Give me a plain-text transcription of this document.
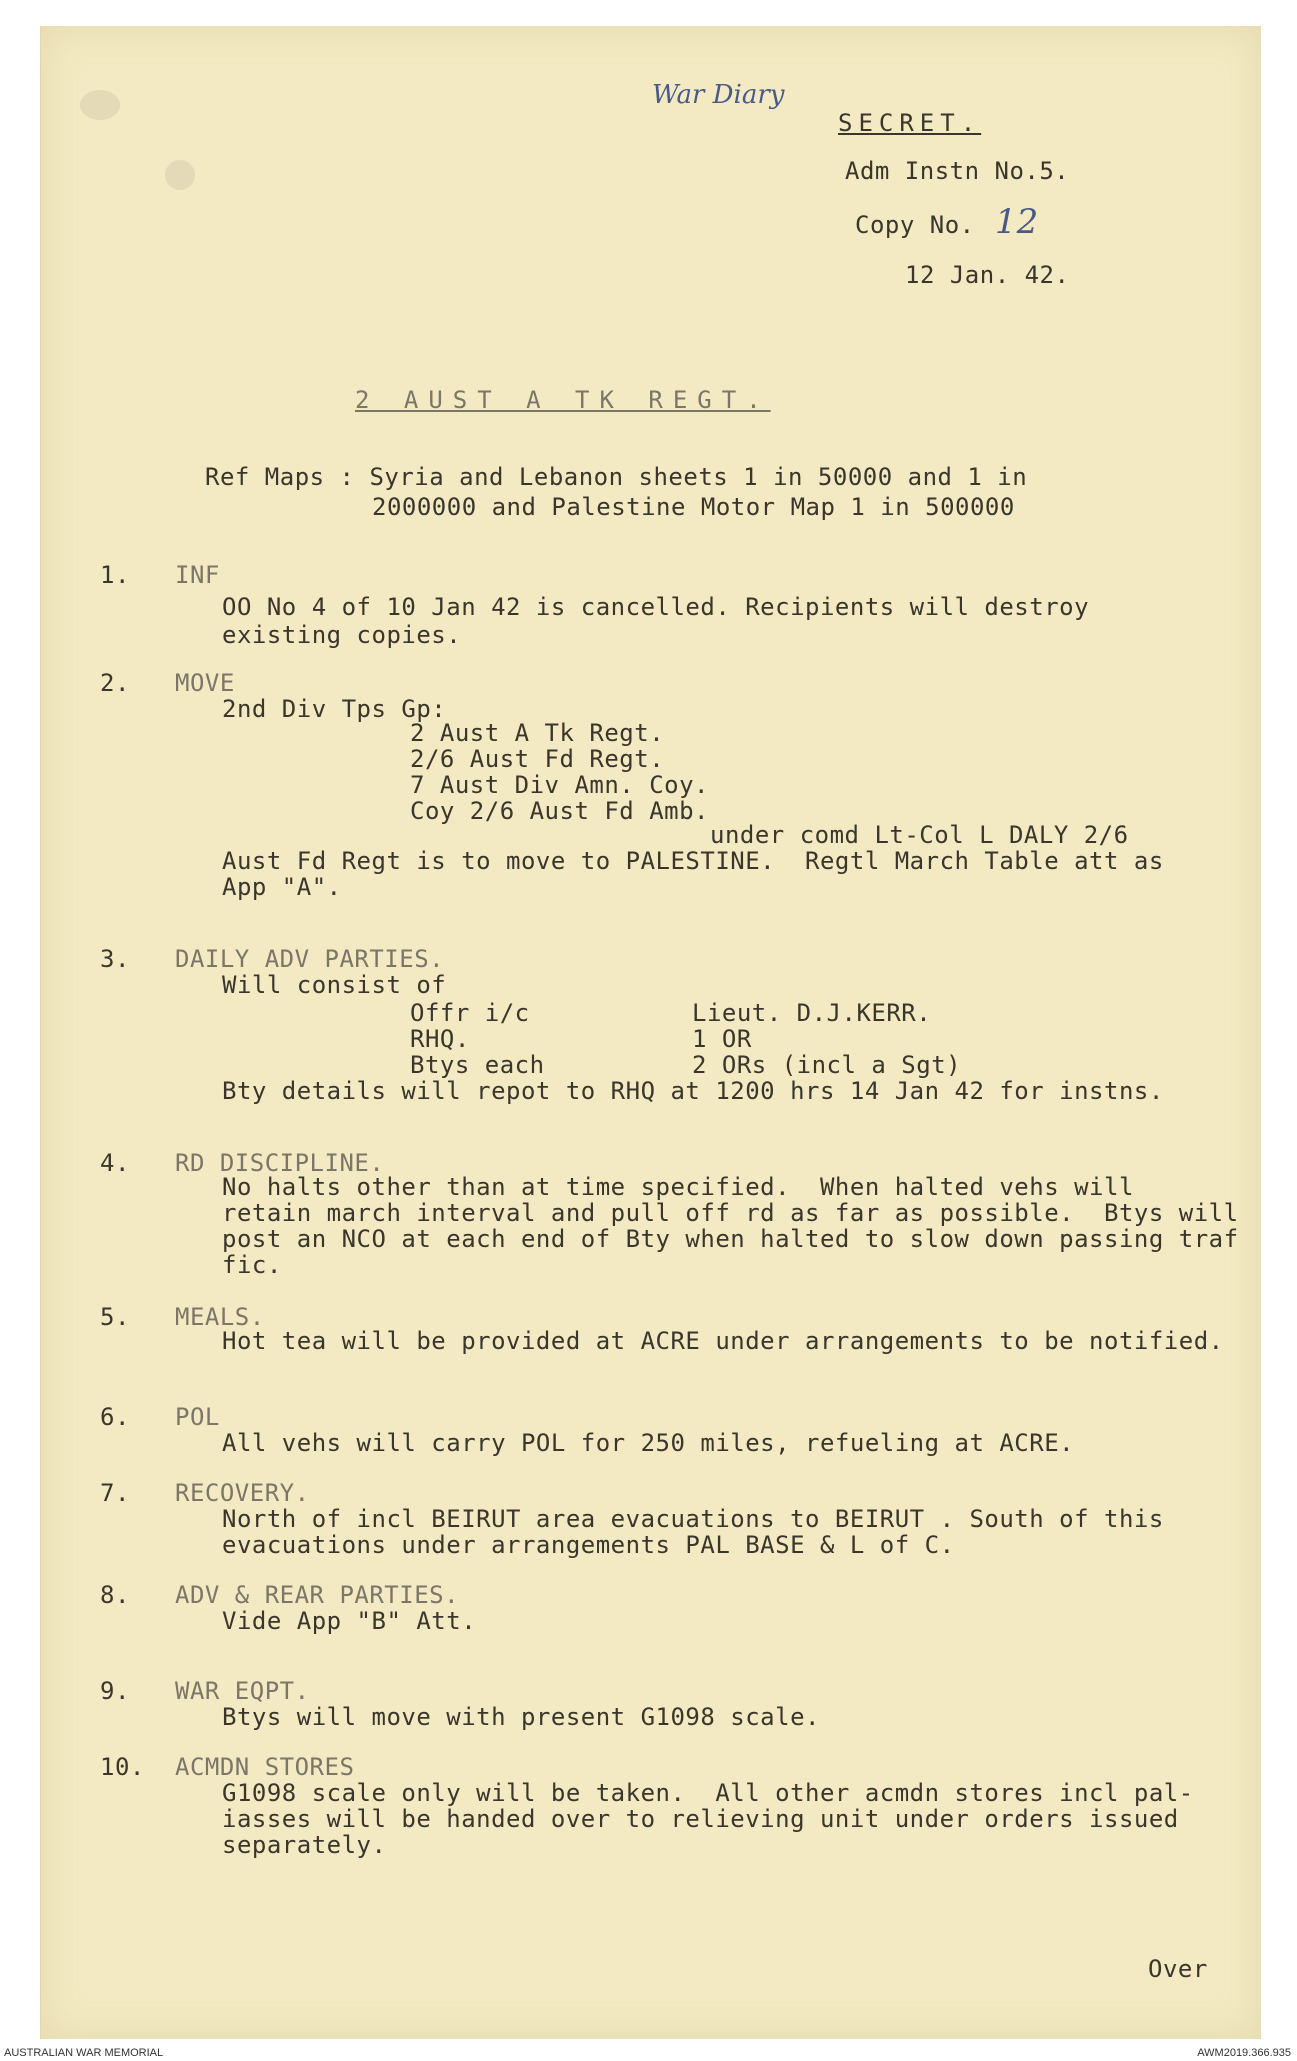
War Diary
SECRET.
Adm Instn No.5.
Copy No. 12
12 Jan. 42.
2 AUST A TK REGT.
Ref Maps : Syria and Lebanon sheets 1 in 50000 and 1 in
2000000 and Palestine Motor Map 1 in 500000
1. INF
OO No 4 of 10 Jan 42 is cancelled. Recipients will destroy
existing copies.
2. MOVE
2nd Div Tps Gp:
2 Aust A Tk Regt.
2/6 Aust Fd Regt.
7 Aust Div Amn. Coy.
Coy 2/6 Aust Fd Amb.
under comd Lt-Col L DALY 2/6
Aust Fd Regt is to move to PALESTINE.  Regtl March Table att as
App "A".
3. DAILY ADV PARTIES.
Will consist of
Offr i/c	Lieut. D.J.KERR.
RHQ.	1 OR
Btys each	2 ORs (incl a Sgt)
Bty details will repot to RHQ at 1200 hrs 14 Jan 42 for instns.
4. RD DISCIPLINE.
No halts other than at time specified.  When halted vehs will
retain march interval and pull off rd as far as possible.  Btys will
post an NCO at each end of Bty when halted to slow down passing traf
fic.
5. MEALS.
Hot tea will be provided at ACRE under arrangements to be notified.
6. POL
All vehs will carry POL for 250 miles, refueling at ACRE.
7. RECOVERY.
North of incl BEIRUT area evacuations to BEIRUT . South of this
evacuations under arrangements PAL BASE & L of C.
8. ADV & REAR PARTIES.
Vide App "B" Att.
9. WAR EQPT.
Btys will move with present G1098 scale.
10. ACMDN STORES
G1098 scale only will be taken.  All other acmdn stores incl pal-
iasses will be handed over to relieving unit under orders issued
separately.
Over
AUSTRALIAN WAR MEMORIAL	AWM2019.366.935
